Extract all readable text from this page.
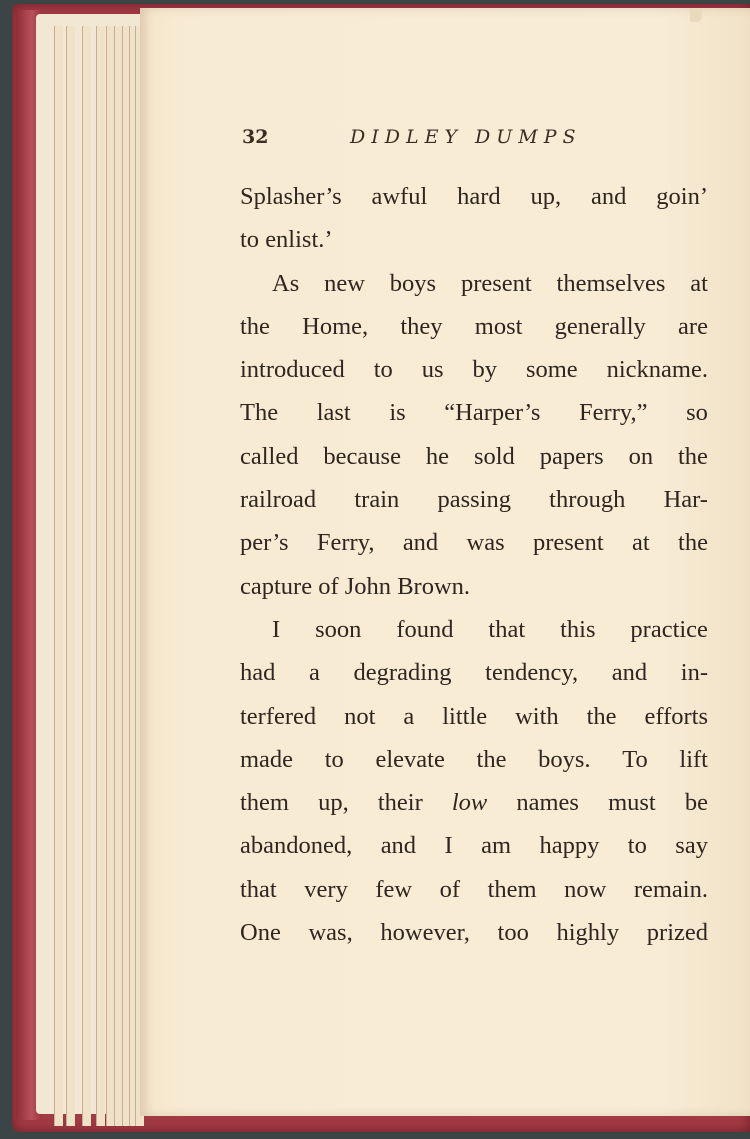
32	DIDLEY DUMPS
Splasher’s awful hard up, and goin’
to enlist.’
As new boys present themselves at
the Home, they most generally are
introduced to us by some nickname.
The last is “Harper’s Ferry,” so
called because he sold papers on the
railroad train passing through Har-
per’s Ferry, and was present at the
capture of John Brown.
I soon found that this practice
had a degrading tendency, and in-
terfered not a little with the efforts
made to elevate the boys. To lift
them up, their low names must be
abandoned, and I am happy to say
that very few of them now remain.
One was, however, too highly prized
